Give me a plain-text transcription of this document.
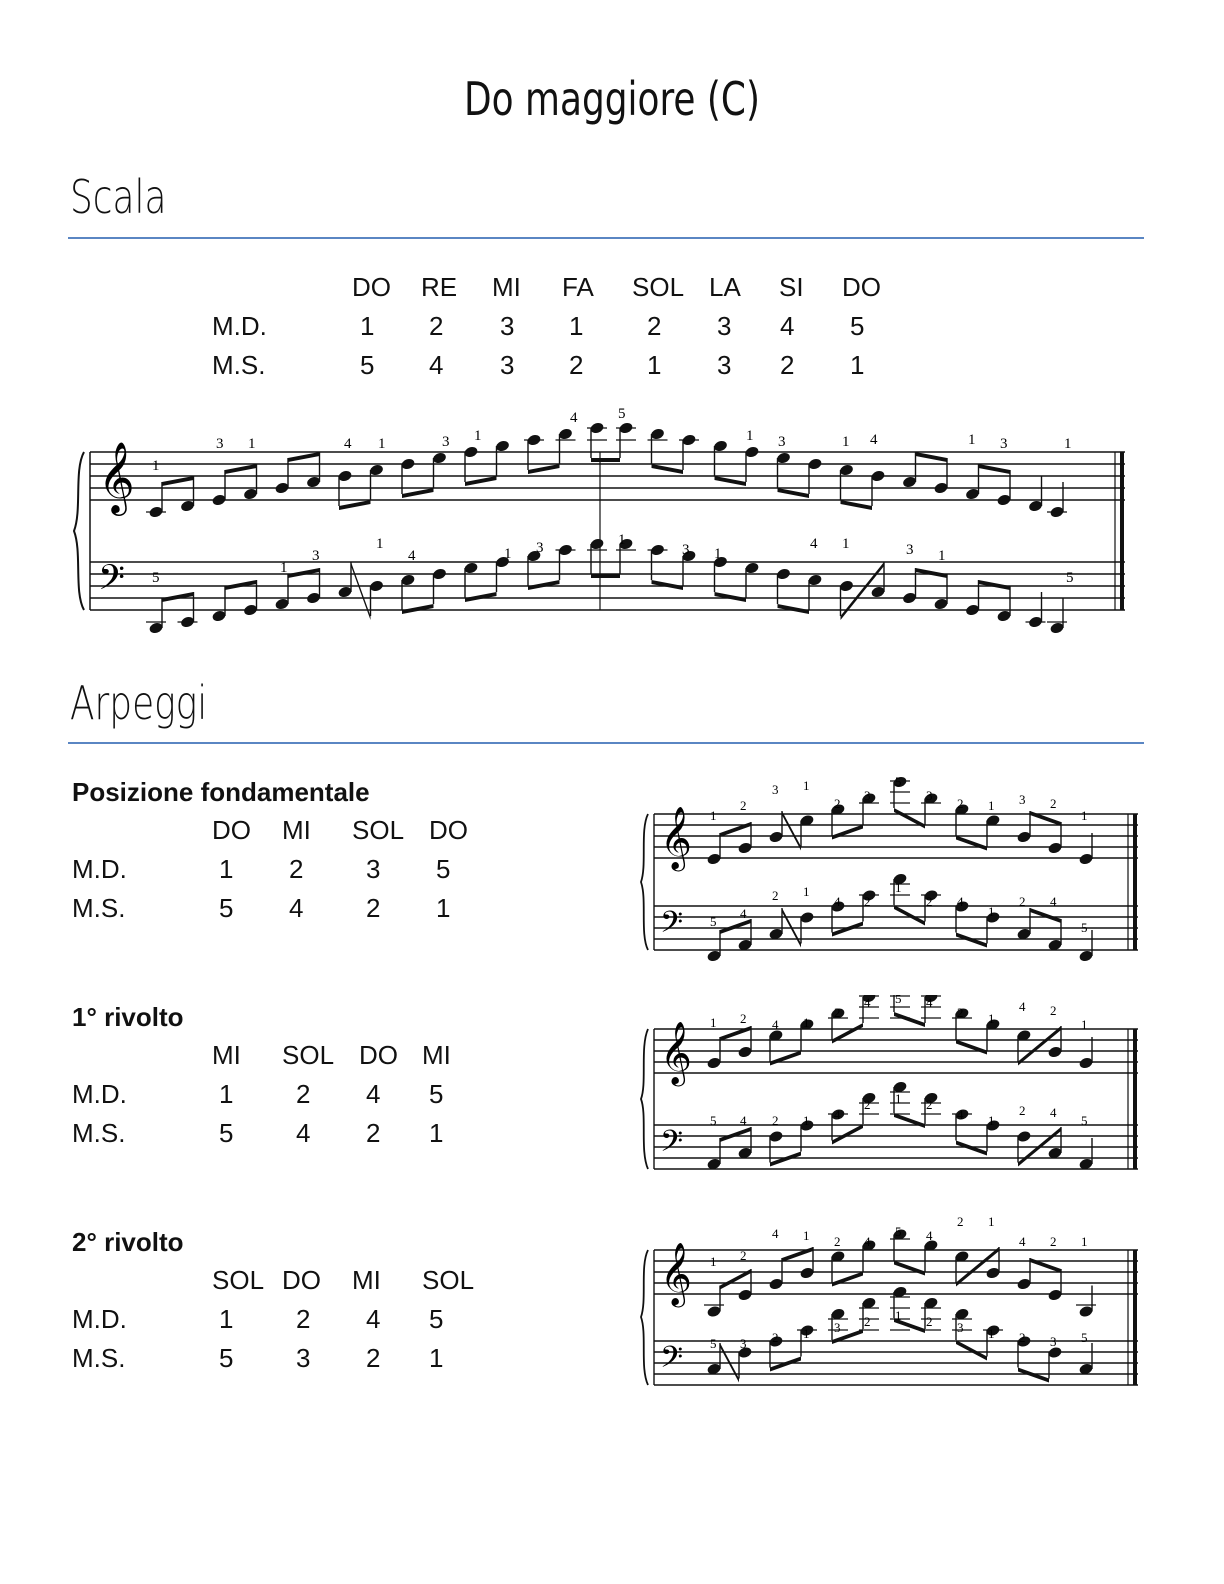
Do maggiore (C)
Scala
DO RE MI FA SOL LA SI DO
M.D.	1 2 3 1 2 3 4 5
M.S.	5 4 3 2 1 3 2 1
𝄞
𝄢
1
3 1	4 1	3 1
4	5
1 3	1 4	1 3	1
5
1
3
1
4	1 3	1
3 1
4 1	3 1
5
Arpeggi
Posizione fondamentale
DO MI SOL DO
M.D.	1 2 3 5
M.S.	5 4 2 1
1° rivolto
MI SOL DO MI
M.D.	1 2 4 5
M.S.	5 4 2 1
2° rivolto
SOL DO MI SOL
M.D.	1 2 4 5
M.S.	5 3 2 1
𝄞
𝄢
1
2
3 1
2
3
5
3
2 1 3 2
1
5
4
2 1
4 2
1
2 4
1
2 4
5
𝄞
𝄢
1 2 4 1
2
4 5 4
2 1
4 2
1
5 4 2 1 4
2 1 2
4 1
2 4
5
𝄞
𝄢
1 2
4 1 2 4
5 4
2 1
4 2 1
5 3 2 1 3 2 1 2 3 1 2 3 5
